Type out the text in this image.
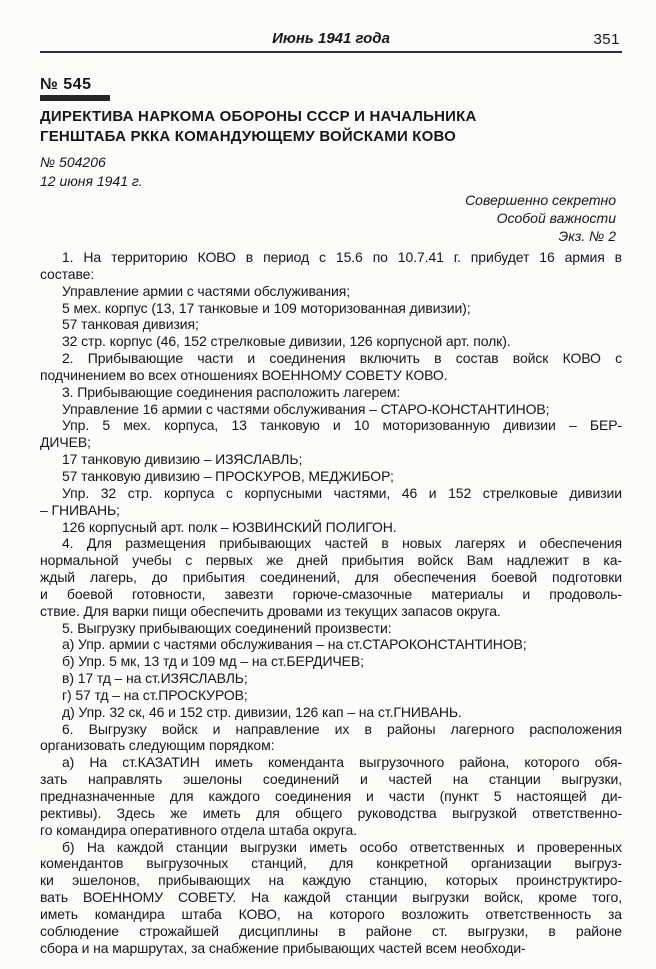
Июнь 1941 года	351
№ 545
ДИРЕКТИВА НАРКОМА ОБОРОНЫ СССР И НАЧАЛЬНИКА
ГЕНШТАБА РККА КОМАНДУЮЩЕМУ ВОЙСКАМИ КОВО
№ 504206
12 июня 1941 г.
Совершенно секретно
Особой важности
Экз. № 2

1. На территорию КОВО в период с 15.6 по 10.7.41 г. прибудет 16 армия в
составе:

Управление армии с частями обслуживания;

5 мех. корпус (13, 17 танковые и 109 моторизованная дивизии);

57 танковая дивизия;

32 стр. корпус (46, 152 стрелковые дивизии, 126 корпусной арт. полк).

2. Прибывающие части и соединения включить в состав войск КОВО с
подчинением во всех отношениях ВОЕННОМУ СОВЕТУ КОВО.

3. Прибывающие соединения расположить лагерем:

Управление 16 армии с частями обслуживания – СТАРО-КОНСТАНТИНОВ;

Упр. 5 мех. корпуса, 13 танковую и 10 моторизованную дивизии – БЕР-
ДИЧЕВ;

17 танковую дивизию – ИЗЯСЛАВЛЬ;

57 танковую дивизию – ПРОСКУРОВ, МЕДЖИБОР;

Упр. 32 стр. корпуса с корпусными частями, 46 и 152 стрелковые дивизии
– ГНИВАНЬ;

126 корпусный арт. полк – ЮЗВИНСКИЙ ПОЛИГОН.

4. Для размещения прибывающих частей в новых лагерях и обеспечения
нормальной учебы с первых же дней прибытия войск Вам надлежит в ка-
ждый лагерь, до прибытия соединений, для обеспечения боевой подготовки
и боевой готовности, завезти горюче-смазочные материалы и продоволь-
ствие. Для варки пищи обеспечить дровами из текущих запасов округа.

5. Выгрузку прибывающих соединений произвести:

а) Упр. армии с частями обслуживания – на ст.СТАРОКОНСТАНТИНОВ;

б) Упр. 5 мк, 13 тд и 109 мд – на ст.БЕРДИЧЕВ;

в) 17 тд – на ст.ИЗЯСЛАВЛЬ;

г) 57 тд – на ст.ПРОСКУРОВ;

д) Упр. 32 ск, 46 и 152 стр. дивизии, 126 кап – на ст.ГНИВАНЬ.

6. Выгрузку войск и направление их в районы лагерного расположения
организовать следующим порядком:

а) На ст.КАЗАТИН иметь коменданта выгрузочного района, которого обя-
зать направлять эшелоны соединений и частей на станции выгрузки,
предназначенные для каждого соединения и части (пункт 5 настоящей ди-
рективы). Здесь же иметь для общего руководства выгрузкой ответственно-
го командира оперативного отдела штаба округа.

б) На каждой станции выгрузки иметь особо ответственных и проверенных
комендантов выгрузочных станций, для конкретной организации выгруз-
ки эшелонов, прибывающих на каждую станцию, которых проинструктиро-
вать ВОЕННОМУ СОВЕТУ. На каждой станции выгрузки войск, кроме того,
иметь командира штаба КОВО, на которого возложить ответственность за
соблюдение строжайшей дисциплины в районе ст. выгрузки, в районе
сбора и на маршрутах, за снабжение прибывающих частей всем необходи-
